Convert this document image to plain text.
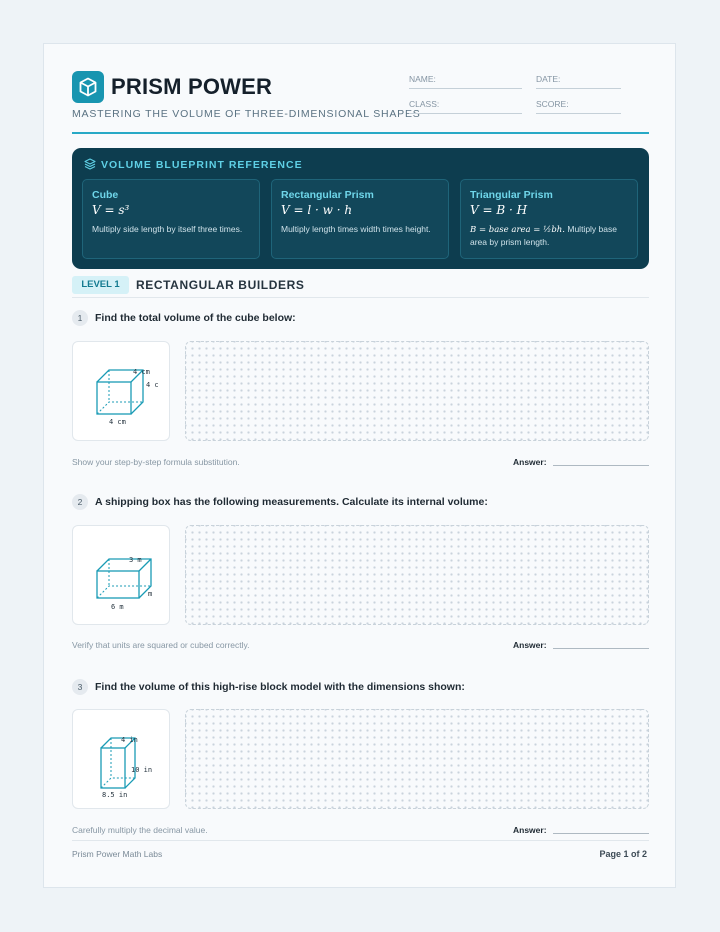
PRISM POWER
MASTERING THE VOLUME OF THREE-DIMENSIONAL SHAPES
NAME:	DATE:
CLASS:	SCORE:
VOLUME BLUEPRINT REFERENCE
Cube
V = s³
Multiply side length by itself three times.
Rectangular Prism
V = l · w · h
Multiply length times width times height.
Triangular Prism
V = B · H
B = base area = ½bh. Multiply base area by prism length.
LEVEL 1	RECTANGULAR BUILDERS
1	Find the total volume of the cube below:
4 cm
4 c
4 cm
Show your step-by-step formula substitution.	Answer:
2	A shipping box has the following measurements. Calculate its internal volume:
3 m
m
6 m
Verify that units are squared or cubed correctly.	Answer:
3	Find the volume of this high-rise block model with the dimensions shown:
4 in
10 in
8.5 in
Carefully multiply the decimal value.	Answer:
Prism Power Math Labs	Page 1 of 2
